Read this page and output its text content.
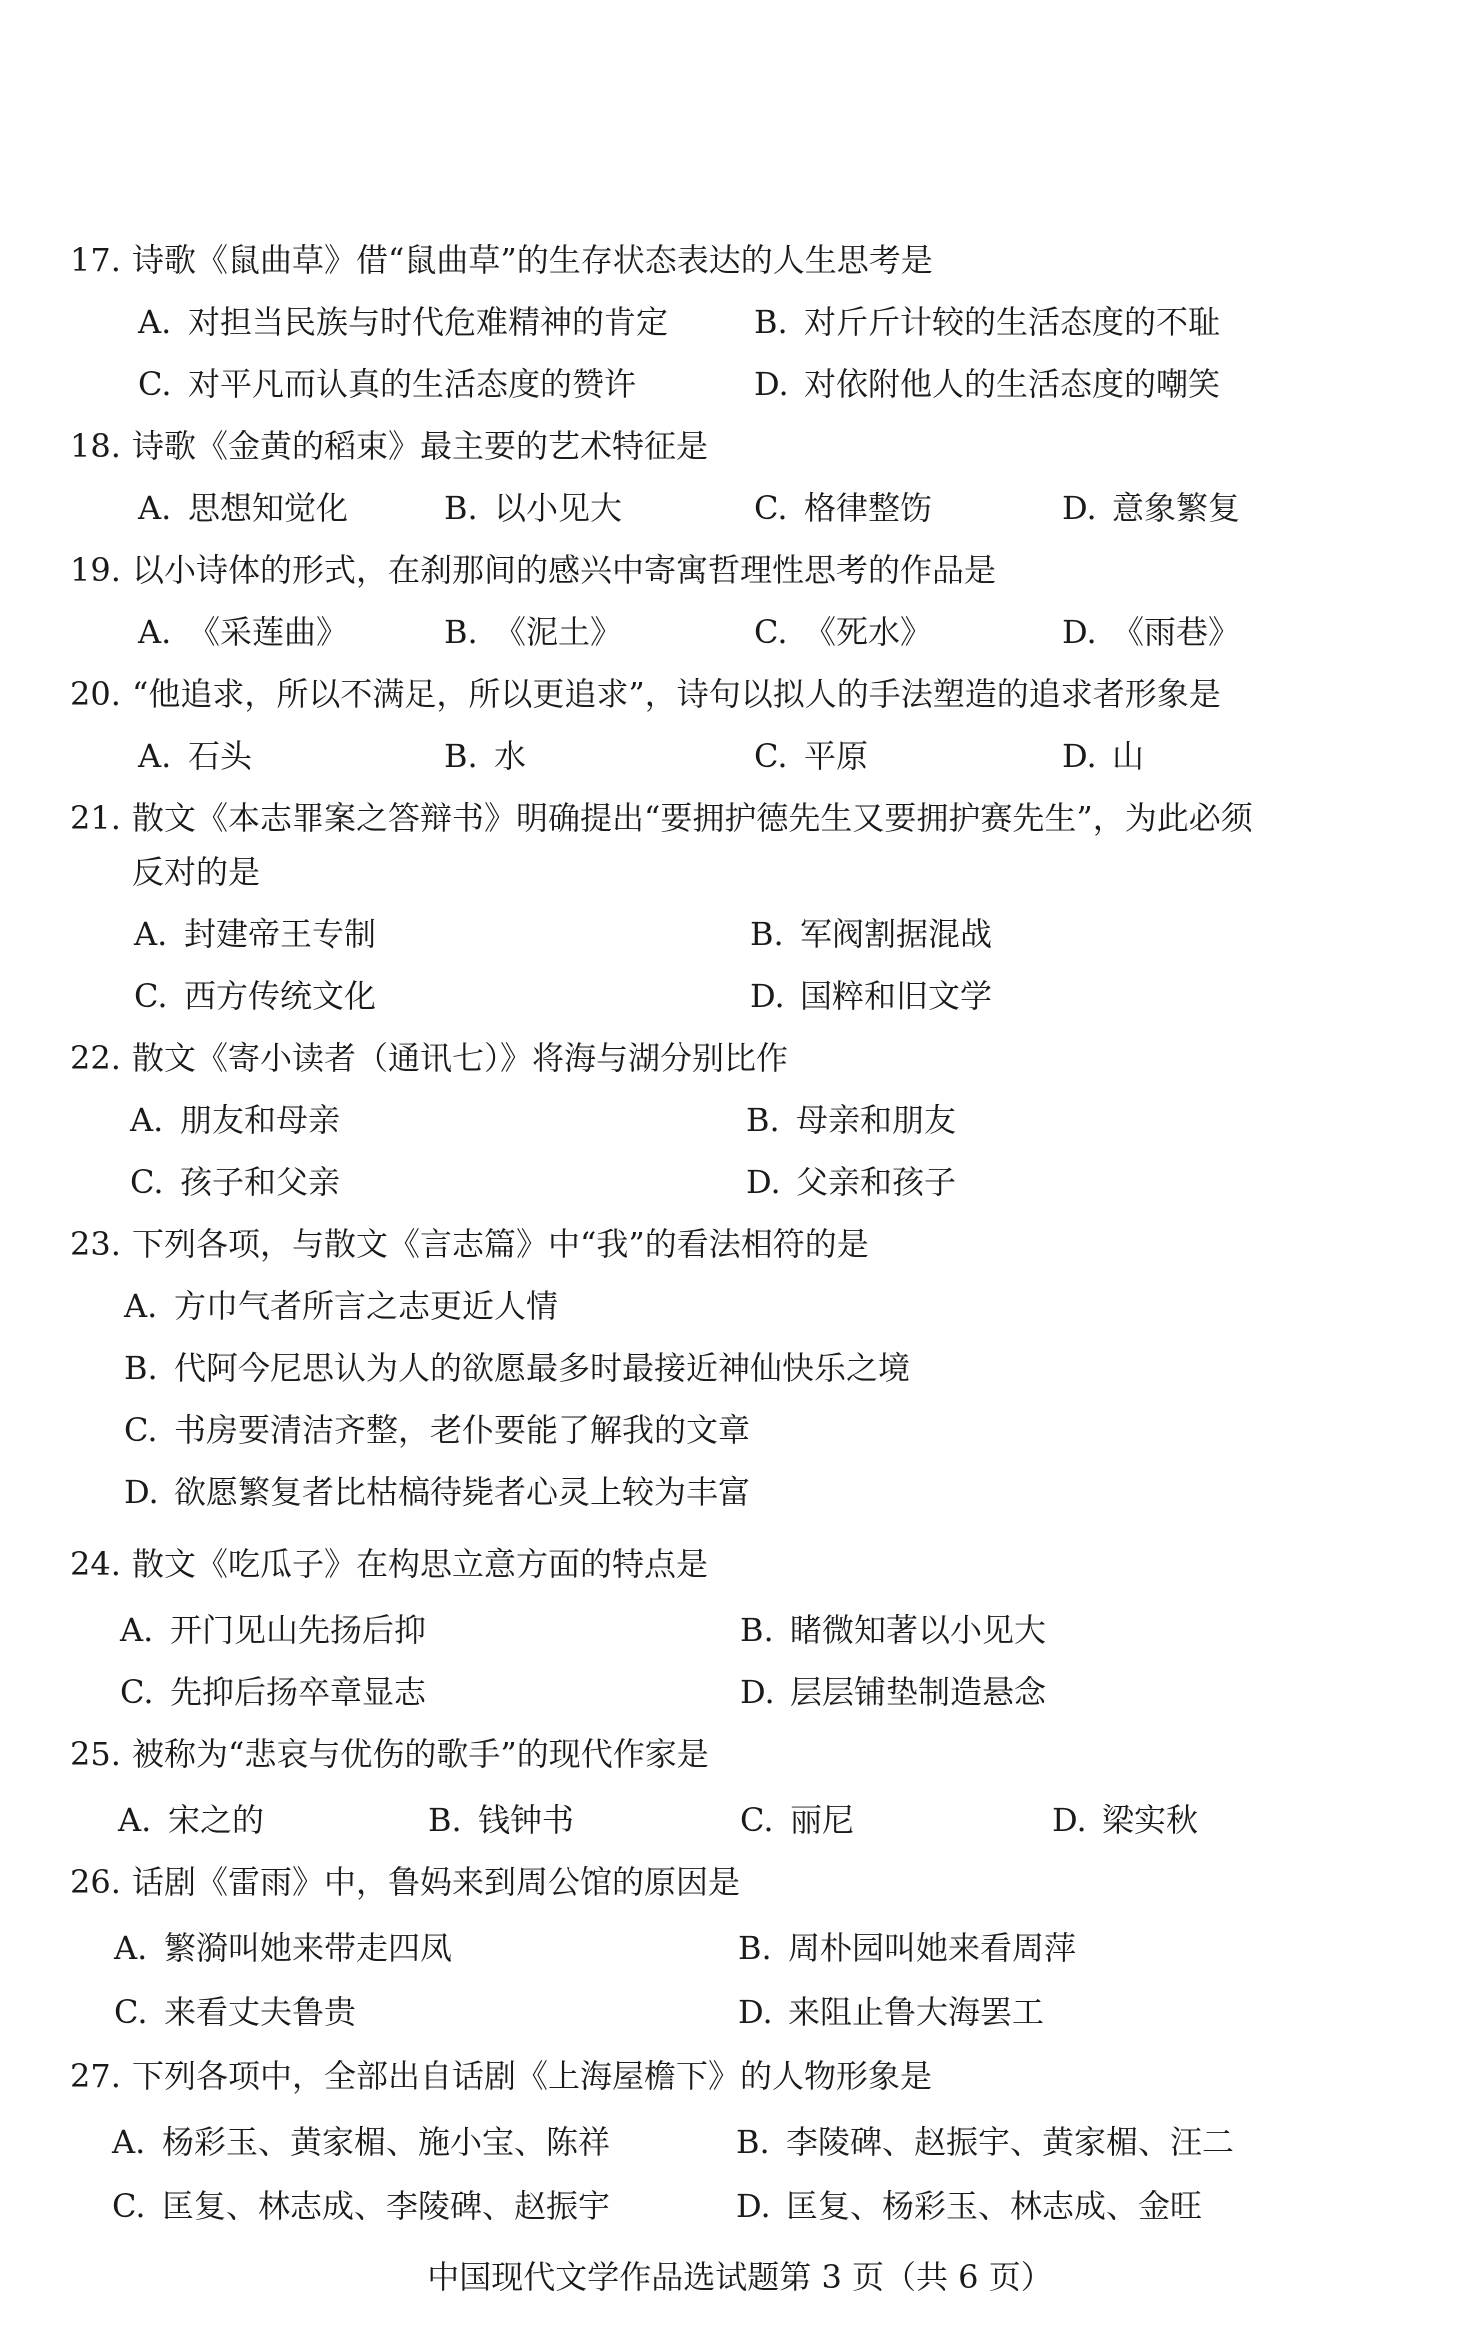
17. 诗歌《鼠曲草》借“鼠曲草”的生存状态表达的人生思考是
A. 对担当民族与时代危难精神的肯定	B. 对斤斤计较的生活态度的不耻
C. 对平凡而认真的生活态度的赞许	D. 对依附他人的生活态度的嘲笑
18. 诗歌《金黄的稻束》最主要的艺术特征是
A. 思想知觉化	B. 以小见大	C. 格律整饬	D. 意象繁复
19. 以小诗体的形式，在刹那间的感兴中寄寓哲理性思考的作品是
A. 《采莲曲》	B. 《泥土》	C. 《死水》	D. 《雨巷》
20. “他追求，所以不满足，所以更追求”，诗句以拟人的手法塑造的追求者形象是
A. 石头	B. 水	C. 平原	D. 山
21. 散文《本志罪案之答辩书》明确提出“要拥护德先生又要拥护赛先生”，为此必须
反对的是
A. 封建帝王专制	B. 军阀割据混战
C. 西方传统文化	D. 国粹和旧文学
22. 散文《寄小读者（通讯七）》将海与湖分别比作
A. 朋友和母亲	B. 母亲和朋友
C. 孩子和父亲	D. 父亲和孩子
23. 下列各项，与散文《言志篇》中“我”的看法相符的是
A. 方巾气者所言之志更近人情
B. 代阿今尼思认为人的欲愿最多时最接近神仙快乐之境
C. 书房要清洁齐整，老仆要能了解我的文章
D. 欲愿繁复者比枯槁待毙者心灵上较为丰富
24. 散文《吃瓜子》在构思立意方面的特点是
A. 开门见山先扬后抑	B. 睹微知著以小见大
C. 先抑后扬卒章显志	D. 层层铺垫制造悬念
25. 被称为“悲哀与优伤的歌手”的现代作家是
A. 宋之的	B. 钱钟书	C. 丽尼	D. 梁实秋
26. 话剧《雷雨》中，鲁妈来到周公馆的原因是
A. 繁漪叫她来带走四凤	B. 周朴园叫她来看周萍
C. 来看丈夫鲁贵	D. 来阻止鲁大海罢工
27. 下列各项中，全部出自话剧《上海屋檐下》的人物形象是
A. 杨彩玉、黄家楣、施小宝、陈祥	B. 李陵碑、赵振宇、黄家楣、汪二
C. 匡复、林志成、李陵碑、赵振宇	D. 匡复、杨彩玉、林志成、金旺
中国现代文学作品选试题第 3 页（共 6 页）
